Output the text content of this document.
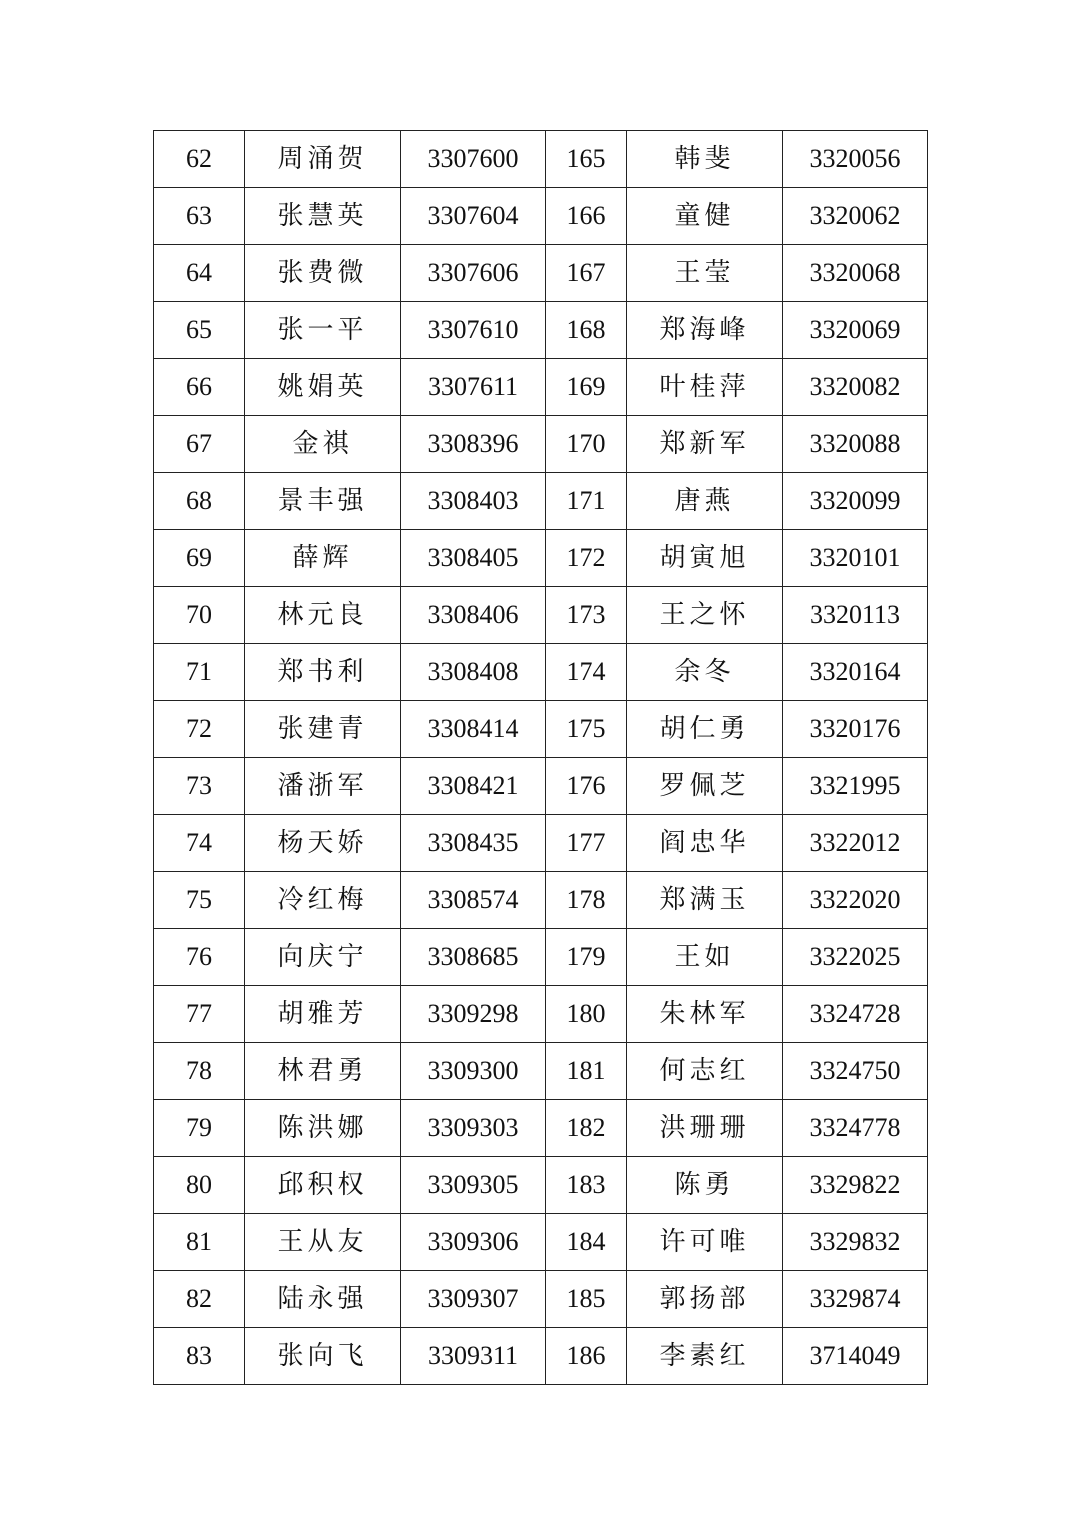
62	周涌贺	3307600	165	韩斐	3320056
63	张慧英	3307604	166	童健	3320062
64	张费微	3307606	167	王莹	3320068
65	张一平	3307610	168	郑海峰	3320069
66	姚娟英	3307611	169	叶桂萍	3320082
67	金祺	3308396	170	郑新军	3320088
68	景丰强	3308403	171	唐燕	3320099
69	薛辉	3308405	172	胡寅旭	3320101
70	林元良	3308406	173	王之怀	3320113
71	郑书利	3308408	174	余冬	3320164
72	张建青	3308414	175	胡仁勇	3320176
73	潘浙军	3308421	176	罗佩芝	3321995
74	杨天娇	3308435	177	阎忠华	3322012
75	冷红梅	3308574	178	郑满玉	3322020
76	向庆宁	3308685	179	王如	3322025
77	胡雅芳	3309298	180	朱林军	3324728
78	林君勇	3309300	181	何志红	3324750
79	陈洪娜	3309303	182	洪珊珊	3324778
80	邱积权	3309305	183	陈勇	3329822
81	王从友	3309306	184	许可唯	3329832
82	陆永强	3309307	185	郭扬部	3329874
83	张向飞	3309311	186	李素红	3714049
